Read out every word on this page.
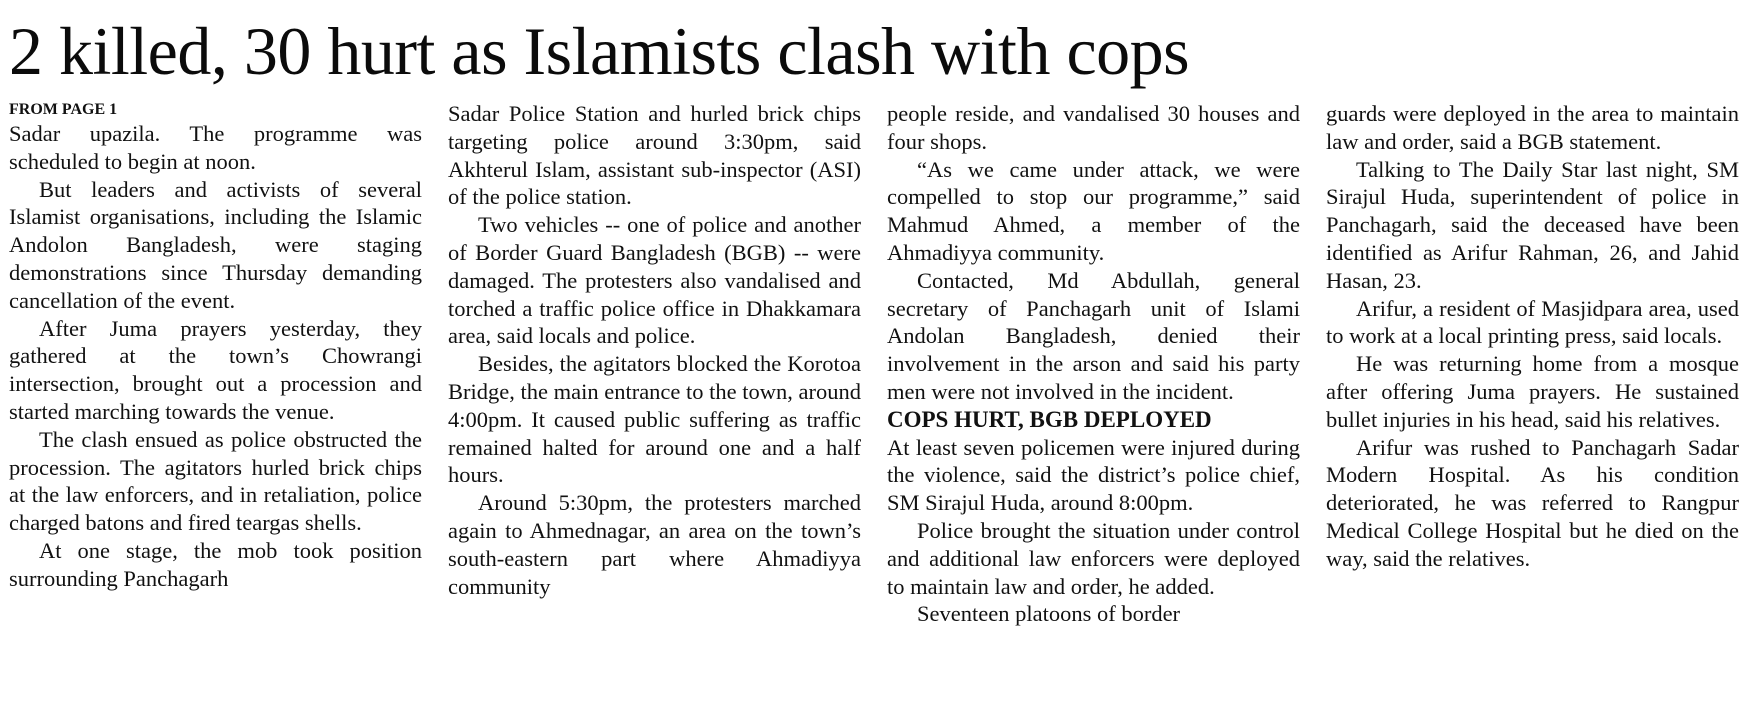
2 killed, 30 hurt as Islamists clash with cops
FROM PAGE 1

Sadar upazila. The programme was scheduled to begin at noon.

But leaders and activists of several Islamist organisations, including the Islamic Andolon Bangladesh, were staging demonstrations since Thursday demanding cancellation of the event.

After Juma prayers yesterday, they gathered at the town’s Chowrangi intersection, brought out a procession and started marching towards the venue.

The clash ensued as police obstructed the procession. The agitators hurled brick chips at the law enforcers, and in retaliation, police charged batons and fired teargas shells.

At one stage, the mob took position surrounding Panchagarh

Sadar Police Station and hurled brick chips targeting police around 3:30pm, said Akhterul Islam, assistant sub-inspector (ASI) of the police station.

Two vehicles -- one of police and another of Border Guard Bangladesh (BGB) -- were damaged. The protesters also vandalised and torched a traffic police office in Dhakkamara area, said locals and police.

Besides, the agitators blocked the Korotoa Bridge, the main entrance to the town, around 4:00pm. It caused public suffering as traffic remained halted for around one and a half hours.

Around 5:30pm, the protesters marched again to Ahmednagar, an area on the town’s south-eastern part where Ahmadiyya community

people reside, and vandalised 30 houses and four shops.

“As we came under attack, we were compelled to stop our programme,” said Mahmud Ahmed, a member of the Ahmadiyya community.

Contacted, Md Abdullah, general secretary of Panchagarh unit of Islami Andolan Bangladesh, denied their involvement in the arson and said his party men were not involved in the incident.

COPS HURT, BGB DEPLOYED

At least seven policemen were injured during the violence, said the district’s police chief, SM Sirajul Huda, around 8:00pm.

Police brought the situation under control and additional law enforcers were deployed to maintain law and order, he added.

Seventeen platoons of border

guards were deployed in the area to maintain law and order, said a BGB statement.

Talking to The Daily Star last night, SM Sirajul Huda, superintendent of police in Panchagarh, said the deceased have been identified as Arifur Rahman, 26, and Jahid Hasan, 23.

Arifur, a resident of Masjidpara area, used to work at a local printing press, said locals.

He was returning home from a mosque after offering Juma prayers. He sustained bullet injuries in his head, said his relatives.

Arifur was rushed to Panchagarh Sadar Modern Hospital. As his condition deteriorated, he was referred to Rangpur Medical College Hospital but he died on the way, said the relatives.
